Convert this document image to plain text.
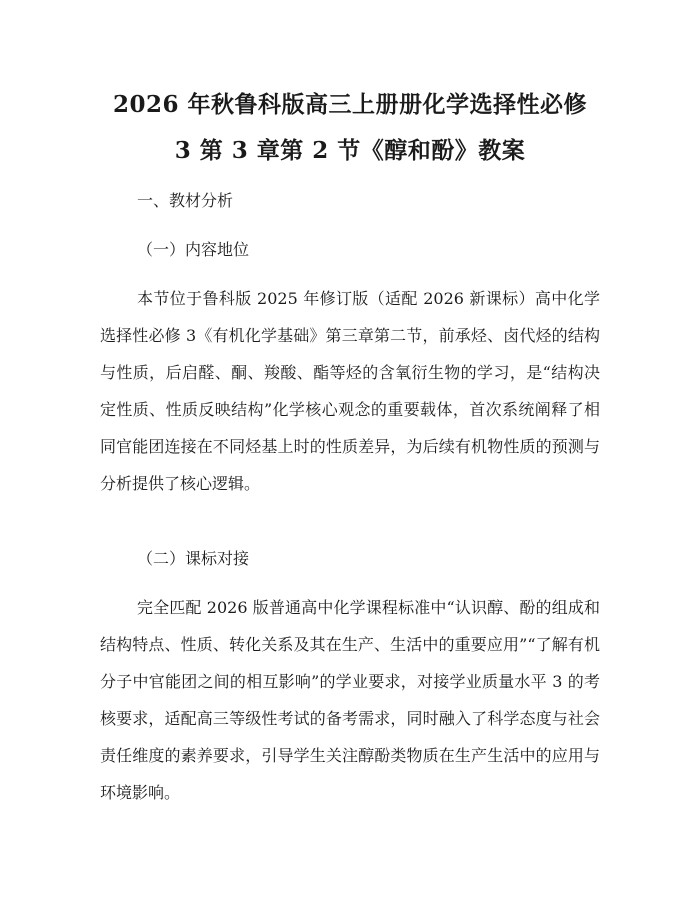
2026 年秋鲁科版高三上册册化学选择性必修
3 第 3 章第 2 节《醇和酚》教案

一、教材分析

（一）内容地位

本节位于鲁科版 2025 年修订版（适配 2026 新课标）高中化学选择性必修 3《有机化学基础》第三章第二节，前承烃、卤代烃的结构与性质，后启醛、酮、羧酸、酯等烃的含氧衍生物的学习，是“结构决定性质、性质反映结构”化学核心观念的重要载体，首次系统阐释了相同官能团连接在不同烃基上时的性质差异，为后续有机物性质的预测与分析提供了核心逻辑。

（二）课标对接

完全匹配 2026 版普通高中化学课程标准中“认识醇、酚的组成和结构特点、性质、转化关系及其在生产、生活中的重要应用”“了解有机分子中官能团之间的相互影响”的学业要求，对接学业质量水平 3 的考核要求，适配高三等级性考试的备考需求，同时融入了科学态度与社会责任维度的素养要求，引导学生关注醇酚类物质在生产生活中的应用与环境影响。
